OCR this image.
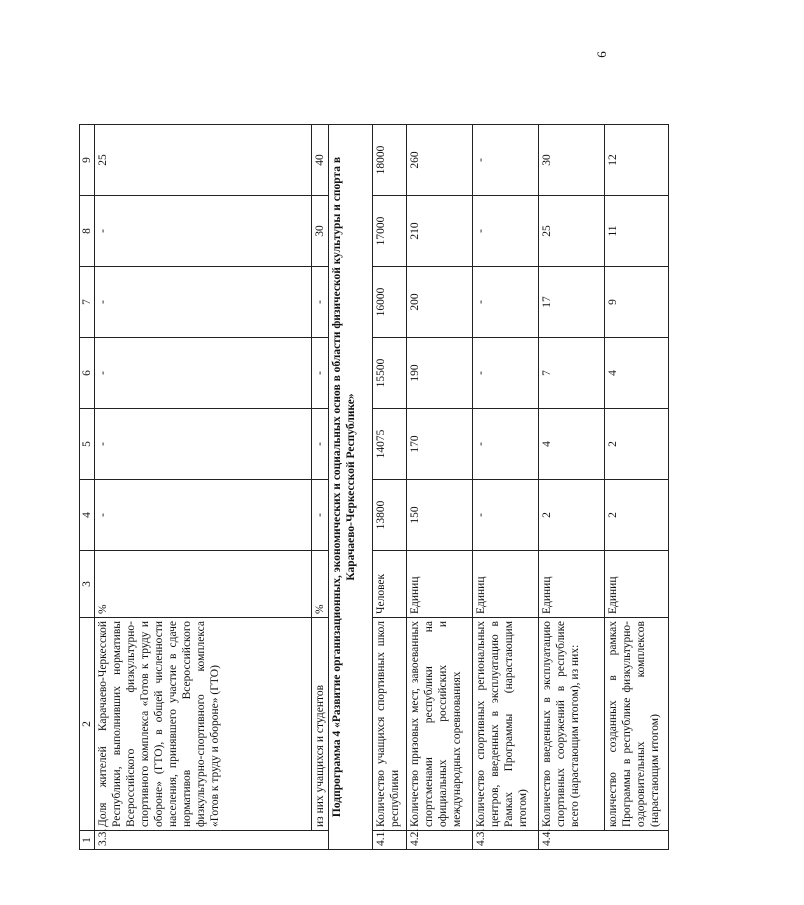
6
1	2	3	4	5	6	7	8	9
3.3.	Доля жителей Карачаево-Черкесской Республики, выполнивших нормативы Всероссийского физкультурно-спортивного комплекса «Готов к труду и обороне» (ГТО), в общей численности населения, принявшего участие в сдаче нормативов Всероссийского физкультурно-спортивного комплекса «Готов к труду и обороне» (ГТО)	%	-	-	-	-	-	25
	из них учащихся и студентов	%	-	-	-	-	30	40
Подпрограмма 4 «Развитие организационных, экономических и социальных основ в области физической культуры и спорта в Карачаево-Черкесской Республике»								
4.1.	Количество учащихся спортивных школ республики	Человек	13800	14075	15500	16000	17000	18000
4.2.	Количество призовых мест, завоеванных спортсменами республики на официальных российских и международных соревнованиях	Единиц	150	170	190	200	210	260
4.3.	Количество спортивных региональных центров, введенных в эксплуатацию в Рамках Программы (нарастающим итогом)	Единиц	-	-	-	-	-	-
4.4.	Количество введенных в эксплуатацию спортивных сооружений в республике всего (нарастающим итогом), из них:	Единиц	2	4	7	17	25	30
	количество созданных в рамках Программы в республике физкультурно-оздоровительных комплексов (нарастающим итогом)	Единиц	2	2	4	9	11	12
